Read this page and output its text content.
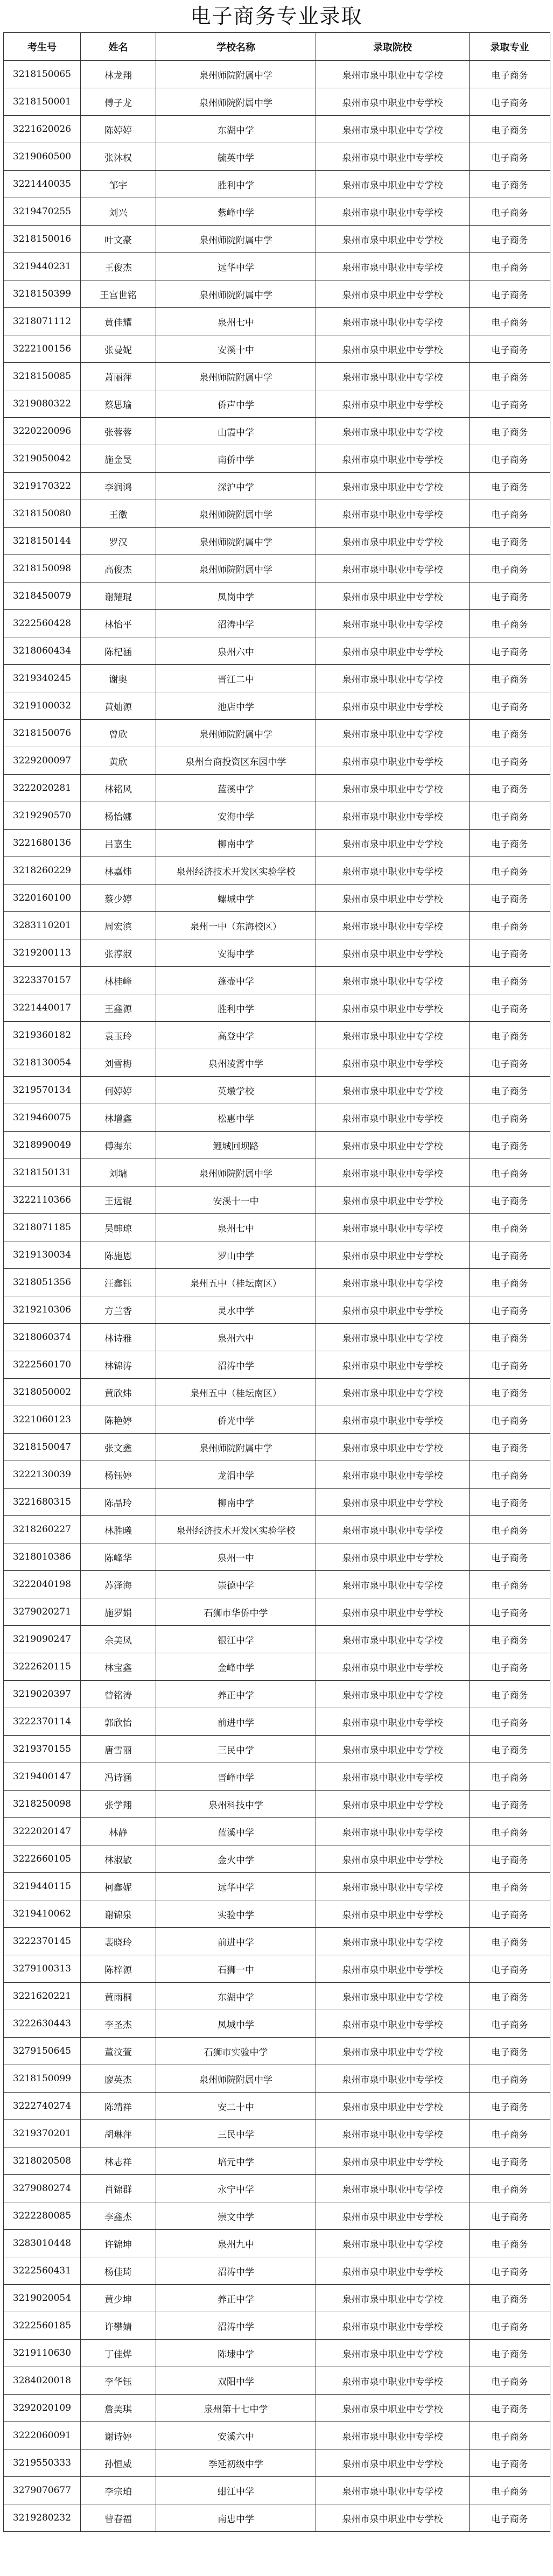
电子商务专业录取
考生号	姓名	学校名称	录取院校	录取专业
3218150065	林龙翔	泉州师院附属中学	泉州市泉中职业中专学校	电子商务
3218150001	傅子龙	泉州师院附属中学	泉州市泉中职业中专学校	电子商务
3221620026	陈婷婷	东湖中学	泉州市泉中职业中专学校	电子商务
3219060500	张沐权	毓英中学	泉州市泉中职业中专学校	电子商务
3221440035	邹宇	胜利中学	泉州市泉中职业中专学校	电子商务
3219470255	刘兴	紫峰中学	泉州市泉中职业中专学校	电子商务
3218150016	叶文豪	泉州师院附属中学	泉州市泉中职业中专学校	电子商务
3219440231	王俊杰	远华中学	泉州市泉中职业中专学校	电子商务
3218150399	王宫世铭	泉州师院附属中学	泉州市泉中职业中专学校	电子商务
3218071112	黄佳耀	泉州七中	泉州市泉中职业中专学校	电子商务
3222100156	张曼妮	安溪十中	泉州市泉中职业中专学校	电子商务
3218150085	萧丽萍	泉州师院附属中学	泉州市泉中职业中专学校	电子商务
3219080322	蔡思瑜	侨声中学	泉州市泉中职业中专学校	电子商务
3220220096	张蓉蓉	山霞中学	泉州市泉中职业中专学校	电子商务
3219050042	施金旻	南侨中学	泉州市泉中职业中专学校	电子商务
3219170322	李润鸿	深沪中学	泉州市泉中职业中专学校	电子商务
3218150080	王徽	泉州师院附属中学	泉州市泉中职业中专学校	电子商务
3218150144	罗汉	泉州师院附属中学	泉州市泉中职业中专学校	电子商务
3218150098	高俊杰	泉州师院附属中学	泉州市泉中职业中专学校	电子商务
3218450079	谢耀琨	凤岗中学	泉州市泉中职业中专学校	电子商务
3222560428	林怡平	沼涛中学	泉州市泉中职业中专学校	电子商务
3218060434	陈杞涵	泉州六中	泉州市泉中职业中专学校	电子商务
3219340245	谢奥	晋江二中	泉州市泉中职业中专学校	电子商务
3219100032	黄灿源	池店中学	泉州市泉中职业中专学校	电子商务
3218150076	曾欣	泉州师院附属中学	泉州市泉中职业中专学校	电子商务
3229200097	黄欣	泉州台商投资区东园中学	泉州市泉中职业中专学校	电子商务
3222020281	林铭风	蓝溪中学	泉州市泉中职业中专学校	电子商务
3219290570	杨怡娜	安海中学	泉州市泉中职业中专学校	电子商务
3221680136	吕嘉生	柳南中学	泉州市泉中职业中专学校	电子商务
3218260229	林嘉炜	泉州经济技术开发区实验学校	泉州市泉中职业中专学校	电子商务
3220160100	蔡少婷	螺城中学	泉州市泉中职业中专学校	电子商务
3283110201	周宏滨	泉州一中（东海校区）	泉州市泉中职业中专学校	电子商务
3219200113	张淳淑	安海中学	泉州市泉中职业中专学校	电子商务
3223370157	林桂峰	蓬壶中学	泉州市泉中职业中专学校	电子商务
3221440017	王鑫源	胜利中学	泉州市泉中职业中专学校	电子商务
3219360182	袁玉玲	高登中学	泉州市泉中职业中专学校	电子商务
3218130054	刘雪梅	泉州凌霄中学	泉州市泉中职业中专学校	电子商务
3219570134	何婷婷	英墩学校	泉州市泉中职业中专学校	电子商务
3219460075	林增鑫	松惠中学	泉州市泉中职业中专学校	电子商务
3218990049	傅海东	鲤城回坝路	泉州市泉中职业中专学校	电子商务
3218150131	刘墉	泉州师院附属中学	泉州市泉中职业中专学校	电子商务
3222110366	王远锟	安溪十一中	泉州市泉中职业中专学校	电子商务
3218071185	吴韩琼	泉州七中	泉州市泉中职业中专学校	电子商务
3219130034	陈施恩	罗山中学	泉州市泉中职业中专学校	电子商务
3218051356	汪鑫钰	泉州五中（桂坛南区）	泉州市泉中职业中专学校	电子商务
3219210306	方兰香	灵水中学	泉州市泉中职业中专学校	电子商务
3218060374	林诗雅	泉州六中	泉州市泉中职业中专学校	电子商务
3222560170	林锦涛	沼涛中学	泉州市泉中职业中专学校	电子商务
3218050002	黄欣炜	泉州五中（桂坛南区）	泉州市泉中职业中专学校	电子商务
3221060123	陈艳婷	侨光中学	泉州市泉中职业中专学校	电子商务
3218150047	张文鑫	泉州师院附属中学	泉州市泉中职业中专学校	电子商务
3222130039	杨钰婷	龙涓中学	泉州市泉中职业中专学校	电子商务
3221680315	陈晶玲	柳南中学	泉州市泉中职业中专学校	电子商务
3218260227	林胜曦	泉州经济技术开发区实验学校	泉州市泉中职业中专学校	电子商务
3218010386	陈峰华	泉州一中	泉州市泉中职业中专学校	电子商务
3222040198	苏泽海	崇德中学	泉州市泉中职业中专学校	电子商务
3279020271	施罗娟	石狮市华侨中学	泉州市泉中职业中专学校	电子商务
3219090247	余美凤	银江中学	泉州市泉中职业中专学校	电子商务
3222620115	林宝鑫	金峰中学	泉州市泉中职业中专学校	电子商务
3219020397	曾铭涛	养正中学	泉州市泉中职业中专学校	电子商务
3222370114	郭欣怡	前进中学	泉州市泉中职业中专学校	电子商务
3219370155	唐雪丽	三民中学	泉州市泉中职业中专学校	电子商务
3219400147	冯诗涵	晋峰中学	泉州市泉中职业中专学校	电子商务
3218250098	张学翔	泉州科技中学	泉州市泉中职业中专学校	电子商务
3222020147	林静	蓝溪中学	泉州市泉中职业中专学校	电子商务
3222660105	林淑敏	金火中学	泉州市泉中职业中专学校	电子商务
3219440115	柯鑫妮	远华中学	泉州市泉中职业中专学校	电子商务
3219410062	谢锦泉	实验中学	泉州市泉中职业中专学校	电子商务
3222370145	裴晓玲	前进中学	泉州市泉中职业中专学校	电子商务
3279100313	陈梓源	石狮一中	泉州市泉中职业中专学校	电子商务
3221620221	黄雨桐	东湖中学	泉州市泉中职业中专学校	电子商务
3222630443	李圣杰	凤城中学	泉州市泉中职业中专学校	电子商务
3279150645	董汶萱	石狮市实验中学	泉州市泉中职业中专学校	电子商务
3218150099	廖英杰	泉州师院附属中学	泉州市泉中职业中专学校	电子商务
3222740274	陈靖祥	安二十中	泉州市泉中职业中专学校	电子商务
3219370201	胡琳萍	三民中学	泉州市泉中职业中专学校	电子商务
3218020508	林志祥	培元中学	泉州市泉中职业中专学校	电子商务
3279080274	肖锦群	永宁中学	泉州市泉中职业中专学校	电子商务
3222280085	李鑫杰	崇文中学	泉州市泉中职业中专学校	电子商务
3283010448	许锦坤	泉州九中	泉州市泉中职业中专学校	电子商务
3222560431	杨佳琦	沼涛中学	泉州市泉中职业中专学校	电子商务
3219020054	黄少坤	养正中学	泉州市泉中职业中专学校	电子商务
3222560185	许攀婧	沼涛中学	泉州市泉中职业中专学校	电子商务
3219110630	丁佳烨	陈埭中学	泉州市泉中职业中专学校	电子商务
3284020018	李华钰	双阳中学	泉州市泉中职业中专学校	电子商务
3292020109	詹美琪	泉州第十七中学	泉州市泉中职业中专学校	电子商务
3222060091	谢诗婷	安溪六中	泉州市泉中职业中专学校	电子商务
3219550333	孙恒威	季延初级中学	泉州市泉中职业中专学校	电子商务
3279070677	李宗珀	蚶江中学	泉州市泉中职业中专学校	电子商务
3219280232	曾春福	南忠中学	泉州市泉中职业中专学校	电子商务
